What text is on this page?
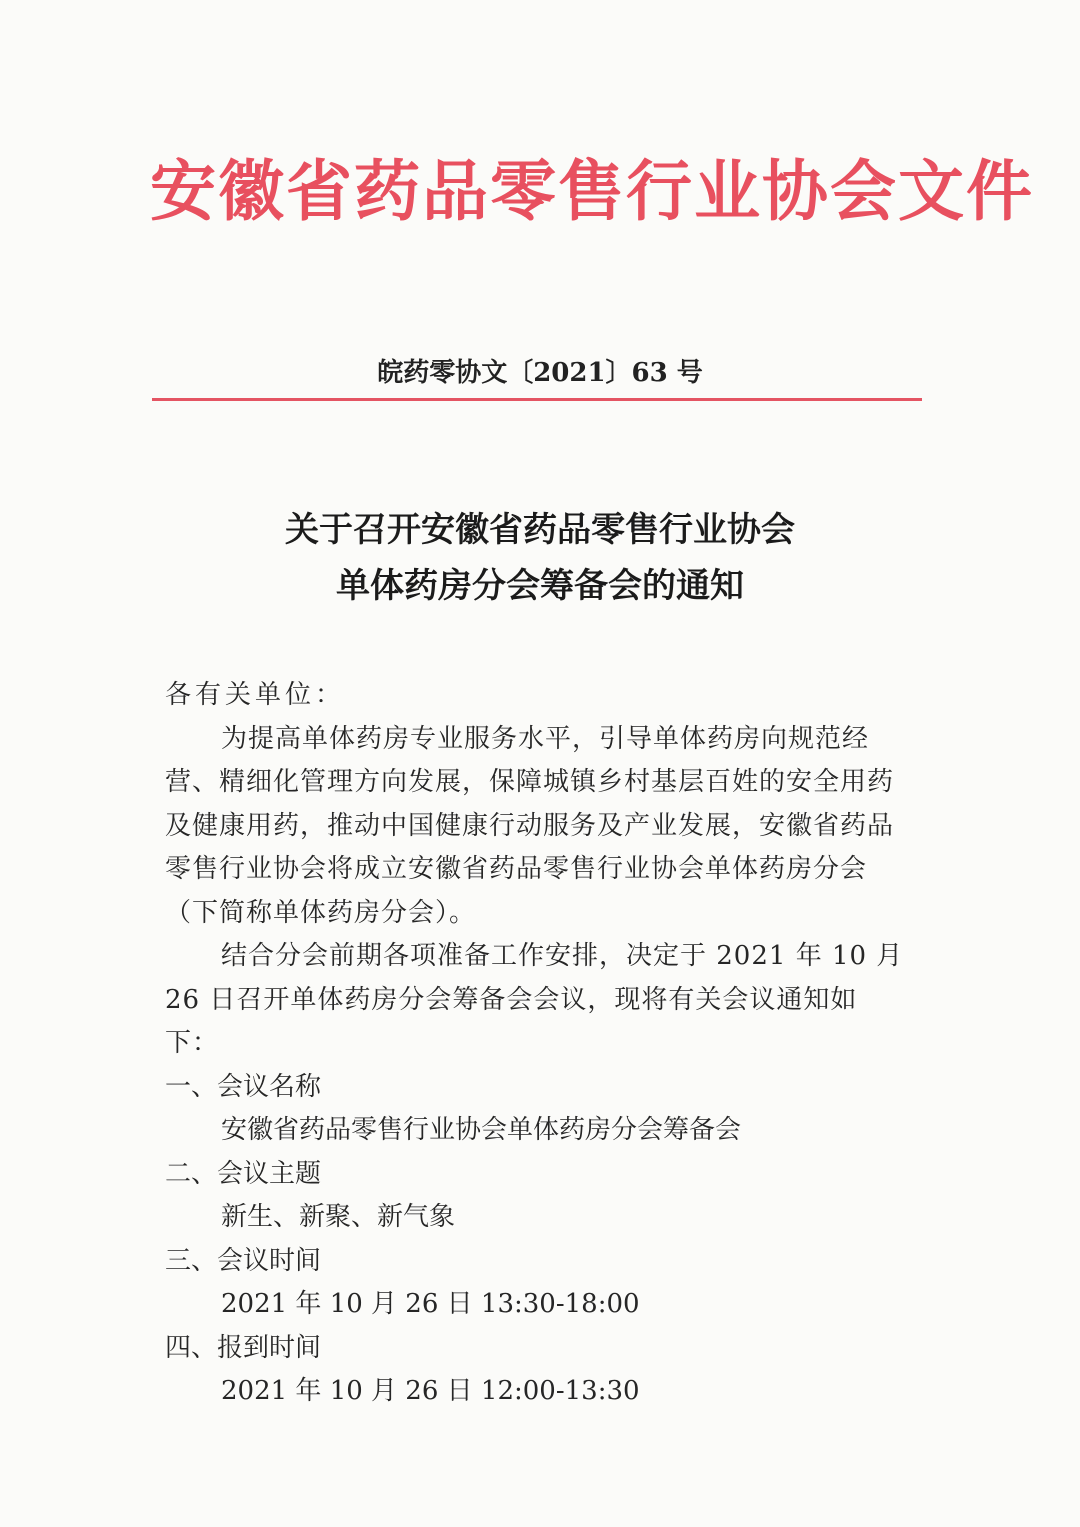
安徽省药品零售行业协会文件
皖药零协文〔2021〕63 号
关于召开安徽省药品零售行业协会
单体药房分会筹备会的通知

各有关单位：

为提高单体药房专业服务水平，引导单体药房向规范经营、精细化管理方向发展，保障城镇乡村基层百姓的安全用药及健康用药，推动中国健康行动服务及产业发展，安徽省药品零售行业协会将成立安徽省药品零售行业协会单体药房分会（下简称单体药房分会）。

结合分会前期各项准备工作安排，决定于 2021 年 10 月 26 日召开单体药房分会筹备会会议，现将有关会议通知如下：

一、会议名称

安徽省药品零售行业协会单体药房分会筹备会

二、会议主题

新生、新聚、新气象

三、会议时间

2021 年 10 月 26 日 13:30-18:00

四、报到时间

2021 年 10 月 26 日 12:00-13:30
